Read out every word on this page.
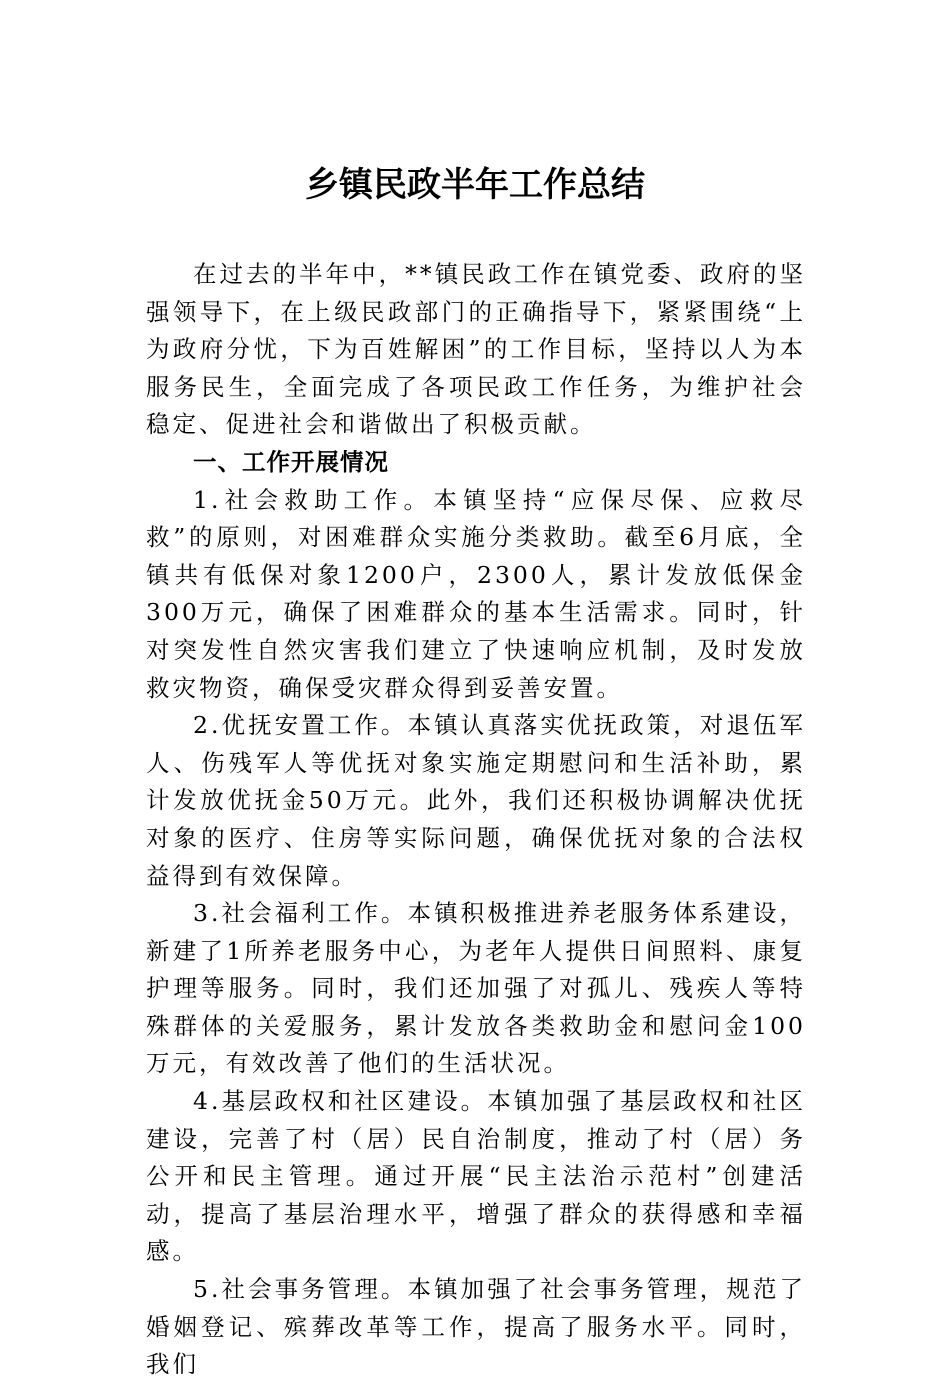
乡镇民政半年工作总结

在过去的半年中，**镇民政工作在镇党委、政府的坚强领导下，在上级民政部门的正确指导下，紧紧围绕“上为政府分忧，下为百姓解困”的工作目标，坚持以人为本服务民生，全面完成了各项民政工作任务，为维护社会稳定、促进社会和谐做出了积极贡献。

一、工作开展情况

1.社会救助工作。本镇坚持“应保尽保、应救尽救”的原则，对困难群众实施分类救助。截至6月底，全镇共有低保对象1200户，2300人，累计发放低保金300万元，确保了困难群众的基本生活需求。同时，针对突发性自然灾害我们建立了快速响应机制，及时发放救灾物资，确保受灾群众得到妥善安置。

2.优抚安置工作。本镇认真落实优抚政策，对退伍军人、伤残军人等优抚对象实施定期慰问和生活补助，累计发放优抚金50万元。此外，我们还积极协调解决优抚对象的医疗、住房等实际问题，确保优抚对象的合法权益得到有效保障。

3.社会福利工作。本镇积极推进养老服务体系建设，新建了1所养老服务中心，为老年人提供日间照料、康复护理等服务。同时，我们还加强了对孤儿、残疾人等特殊群体的关爱服务，累计发放各类救助金和慰问金100万元，有效改善了他们的生活状况。

4.基层政权和社区建设。本镇加强了基层政权和社区建设，完善了村（居）民自治制度，推动了村（居）务公开和民主管理。通过开展“民主法治示范村”创建活动，提高了基层治理水平，增强了群众的获得感和幸福感。

5.社会事务管理。本镇加强了社会事务管理，规范了婚姻登记、殡葬改革等工作，提高了服务水平。同时，我们
